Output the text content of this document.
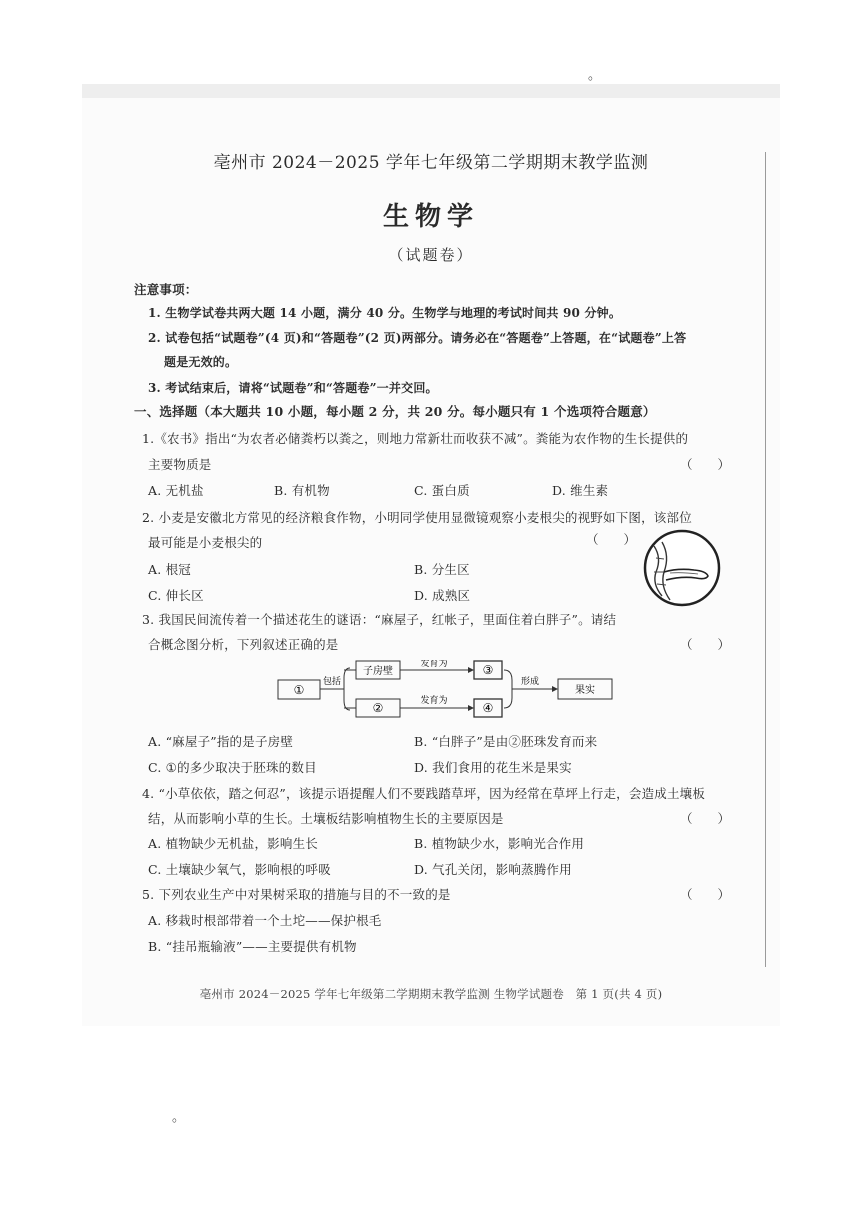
。
亳州市 2024－2025 学年七年级第二学期期末教学监测
生物学
（试题卷）
注意事项：
1. 生物学试卷共两大题 14 小题，满分 40 分。生物学与地理的考试时间共 90 分钟。
2. 试卷包括“试题卷”(4 页)和“答题卷”(2 页)两部分。请务必在“答题卷”上答题，在“试题卷”上答
题是无效的。
3. 考试结束后，请将“试题卷”和“答题卷”一并交回。
一、选择题（本大题共 10 小题，每小题 2 分，共 20 分。每小题只有 1 个选项符合题意）
1.《农书》指出“为农者必储粪朽以粪之，则地力常新壮而收获不减”。粪能为农作物的生长提供的
主要物质是	（　　）
A. 无机盐	B. 有机物	C. 蛋白质	D. 维生素
2. 小麦是安徽北方常见的经济粮食作物，小明同学使用显微镜观察小麦根尖的视野如下图，该部位
最可能是小麦根尖的	（　　）
A. 根冠	B. 分生区
C. 伸长区	D. 成熟区
3. 我国民间流传着一个描述花生的谜语：“麻屋子，红帐子，里面住着白胖子”。请结
合概念图分析，下列叙述正确的是	（　　）
①
包括
子房壁
②
发育为
发育为
③
④
形成
果实
A. “麻屋子”指的是子房壁	B. “白胖子”是由②胚珠发育而来
C. ①的多少取决于胚珠的数目	D. 我们食用的花生米是果实
4. “小草依依，踏之何忍”，该提示语提醒人们不要践踏草坪，因为经常在草坪上行走，会造成土壤板
结，从而影响小草的生长。土壤板结影响植物生长的主要原因是	（　　）
A. 植物缺少无机盐，影响生长	B. 植物缺少水，影响光合作用
C. 土壤缺少氧气，影响根的呼吸	D. 气孔关闭，影响蒸腾作用
5. 下列农业生产中对果树采取的措施与目的不一致的是	（　　）
A. 移栽时根部带着一个土坨——保护根毛
B. “挂吊瓶输液”——主要提供有机物
亳州市 2024－2025 学年七年级第二学期期末教学监测 生物学试题卷　第 1 页(共 4 页)
。
